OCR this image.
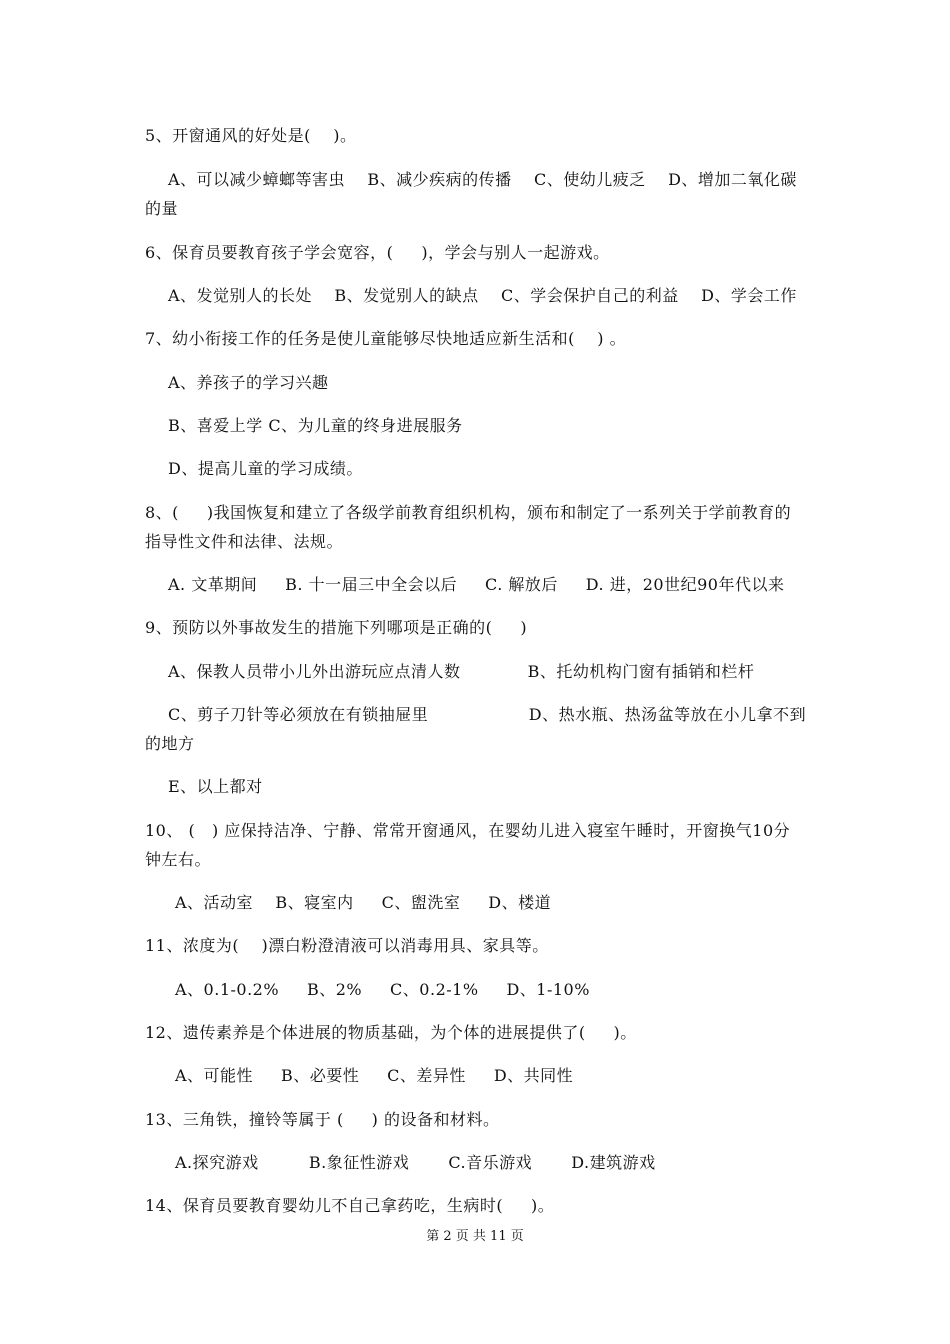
5、开窗通风的好处是(    )。
A、可以减少蟑螂等害虫    B、减少疾病的传播    C、使幼儿疲乏    D、增加二氧化碳
的量
6、保育员要教育孩子学会宽容，(     )，学会与别人一起游戏。
A、发觉别人的长处    B、发觉别人的缺点    C、学会保护自己的利益    D、学会工作
7、幼小衔接工作的任务是使儿童能够尽快地适应新生活和(    ) 。
A、养孩子的学习兴趣
B、喜爱上学 C、为儿童的终身进展服务
D、提高儿童的学习成绩。
8、(     )我国恢复和建立了各级学前教育组织机构，颁布和制定了一系列关于学前教育的
指导性文件和法律、法规。
A. 文革期间     B. 十一届三中全会以后     C. 解放后     D. 进，20世纪90年代以来
9、预防以外事故发生的措施下列哪项是正确的(     )
A、保教人员带小儿外出游玩应点清人数            B、托幼机构门窗有插销和栏杆
C、剪子刀针等必须放在有锁抽屉里                  D、热水瓶、热汤盆等放在小儿拿不到
的地方
E、以上都对
10、 (   ) 应保持洁净、宁静、常常开窗通风，在婴幼儿进入寝室午睡时，开窗换气10分
钟左右。
A、活动室    B、寝室内     C、盥洗室     D、楼道
11、浓度为(    )漂白粉澄清液可以消毒用具、家具等。
A、0.1-0.2%     B、2%     C、0.2-1%     D、1-10%
12、遗传素养是个体进展的物质基础，为个体的进展提供了(     )。
A、可能性     B、必要性     C、差异性     D、共同性
13、三角铁，撞铃等属于 (     ) 的设备和材料。
A.探究游戏         B.象征性游戏       C.音乐游戏       D.建筑游戏
14、保育员要教育婴幼儿不自己拿药吃，生病时(     )。
第 2 页 共 11 页
